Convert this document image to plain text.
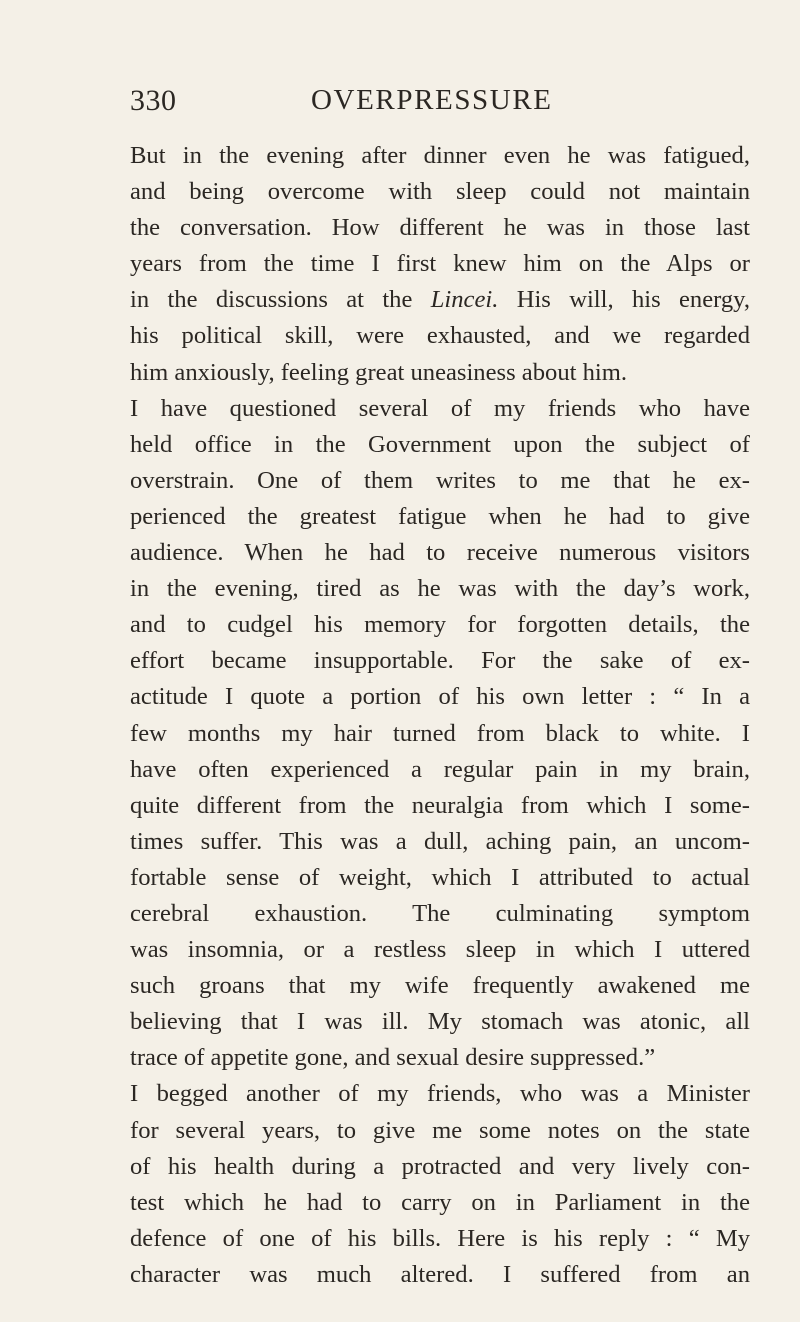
330	OVERPRESSURE
But in the evening after dinner even he was fatigued,
and being overcome with sleep could not maintain
the conversation. How different he was in those last
years from the time I first knew him on the Alps or
in the discussions at the Lincei. His will, his energy,
his political skill, were exhausted, and we regarded
him anxiously, feeling great uneasiness about him.
I have questioned several of my friends who have
held office in the Government upon the subject of
overstrain. One of them writes to me that he ex-
perienced the greatest fatigue when he had to give
audience. When he had to receive numerous visitors
in the evening, tired as he was with the day’s work,
and to cudgel his memory for forgotten details, the
effort became insupportable. For the sake of ex-
actitude I quote a portion of his own letter : “ In a
few months my hair turned from black to white. I
have often experienced a regular pain in my brain,
quite different from the neuralgia from which I some-
times suffer. This was a dull, aching pain, an uncom-
fortable sense of weight, which I attributed to actual
cerebral exhaustion. The culminating symptom
was insomnia, or a restless sleep in which I uttered
such groans that my wife frequently awakened me
believing that I was ill. My stomach was atonic, all
trace of appetite gone, and sexual desire suppressed.”
I begged another of my friends, who was a Minister
for several years, to give me some notes on the state
of his health during a protracted and very lively con-
test which he had to carry on in Parliament in the
defence of one of his bills. Here is his reply : “ My
character was much altered. I suffered from an
